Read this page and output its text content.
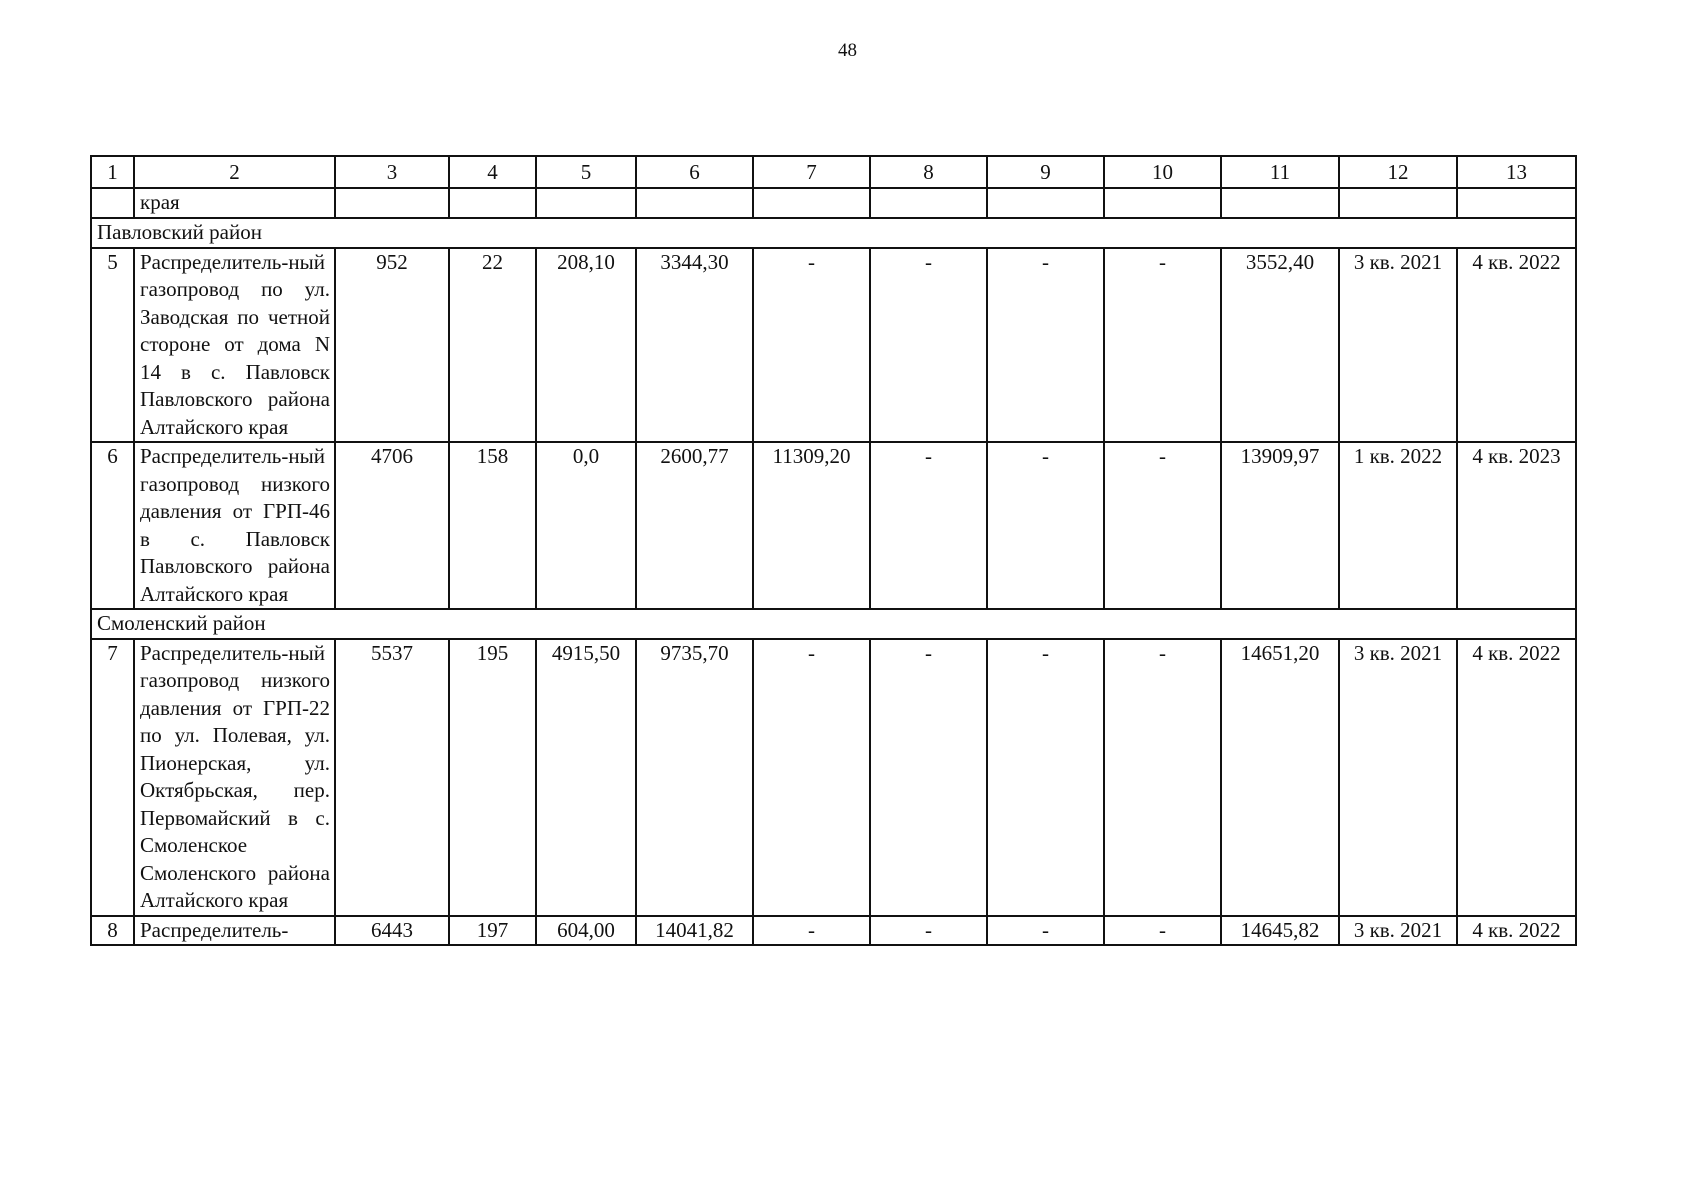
48
1	2	3	4	5	6	7	8	9	10	11	12	13
	края											
Павловский район												
5	Распределитель-ный газопровод по ул. Заводская по четной стороне от дома N 14 в с. Павловск Павловского района Алтайского края	952	22	208,10	3344,30	-	-	-	-	3552,40	3 кв. 2021	4 кв. 2022
6	Распределитель-ный газопровод низкого давления от ГРП-46 в с. Павловск Павловского района Алтайского края	4706	158	0,0	2600,77	11309,20	-	-	-	13909,97	1 кв. 2022	4 кв. 2023
Смоленский район												
7	Распределитель-ный газопровод низкого давления от ГРП-22 по ул. Полевая, ул. Пионерская, ул. Октябрьская, пер. Первомайский в с. Смоленское Смоленского района Алтайского края	5537	195	4915,50	9735,70	-	-	-	-	14651,20	3 кв. 2021	4 кв. 2022
8	Распределитель-	6443	197	604,00	14041,82	-	-	-	-	14645,82	3 кв. 2021	4 кв. 2022
